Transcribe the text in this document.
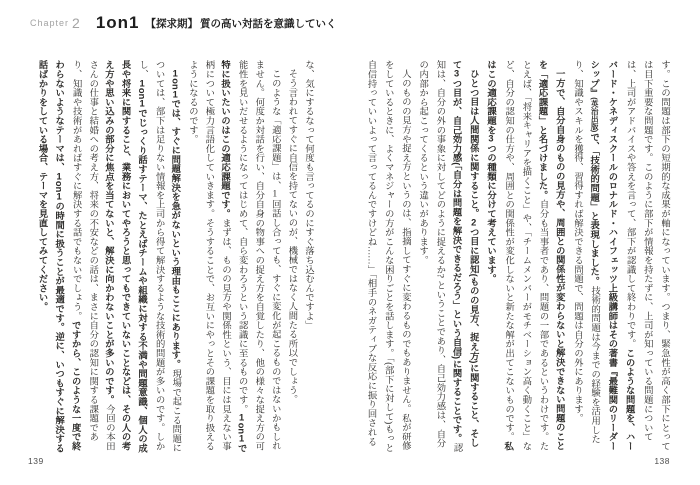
Chapter 2 1on1 【探求期】 質の高い対話を意識していく

す。この問題は部下の短期的な成果が軸になっています。つまり、緊急性が高く部下にとっては目下重要な問題です。このように部下が情報を持たずに、上司が知っている問題については、上司がアドバイスや答えを言って、部下が認識して終わりです。このような問題を、ハーバード・ケネディスクールのロナルド・ハイフェッツ上級講師はその著書『最難関のリーダーシップ』(英治出版)で、「技術的問題」と表現しました。技術的問題は今までの経験を活用したり、知識やスキルを獲得、習得すれば解決できる問題で、問題は自分の外にあります。

一方で、自分自身のものの見方や、周囲との関係性が変わらないと解決できない問題のことを「適応課題」と名づけました。自分も当事者であり、問題の一部であるというわけです。たとえば、「将来キャリアを描くこと」や、「チームメンバーがモチベーション高く動くこと」など、自分の認知の仕方や、周囲との関係性が変化しないと新たな解が出てこないものです。私はこの適応課題を3つの種類に分けて考えています。

ひとつ目は人間関係に関すること。2つ目に認知(ものの見方、捉え方)に関すること、そして3つ目が、自己効力感(「自分は問題を解決できるだろう」という自信)に関することです。認知は、自分の外の事象に対してどのように捉えるか? ということであり、自己効力感は、自分の内部から起こってくるという違いがあります。

人のものの見方や捉え方というのは、指摘してすぐに変わるものでもありません。私が研修をしているときに、よくマネジャーの方がこんな困りごとを話します。「(部下に対して)もっと自信持っていいよって言ってるんですけどね……」「相手のネガティブな反応に振り回される

な、気にするなって何度も言ってるのにすぐ落ち込むんですよ」

そう言われてすぐに自信を持てないのが、機械ではなく人間たる所以でしょう。

このような「適応課題」は、1回話し合っても、すぐに変化が起こるものではないかもしれません。何度か対話を行い、自分自身の物事への捉え方を自覚したり、他の様々な捉え方の可能性を見いだせるようになってはじめて、自ら変わろうという認識に至るものです。1on1で特に扱いたいのはこの適応課題です。まずは、ものの見方や関係性という、目には見えない事柄について極力言語化していきます。そうすることで、お互いにやっとその課題を取り扱えるようになるのです。

1on1では、すぐに問題解決を急がないという理由もここにあります。現場で起こる問題については、部下は足りない情報を上司から得て解決するような技術的問題が多いのです。しかし、1on1でじっくり話すテーマ、たとえばチームや組織に対する不満や問題意識、個人の成長や将来に関すること、業務においてやろうと思ってもできていないことなどは、その人の考え方や思い込みの部分に焦点を当てないと、解決に向かわないことが多いのです。今回の本田さんの仕事と結婚への考え方、将来の不安などの話は、まさに自分の認知に関する課題であり、知識や技術があればすぐに解決する話でもないでしょう。ですから、このような一度で終わらないようなテーマは、1on1の時間に扱うことが最適です。逆に、いつもすぐに解決する話ばかりをしている場合、テーマを見直してみてください。

139	138
